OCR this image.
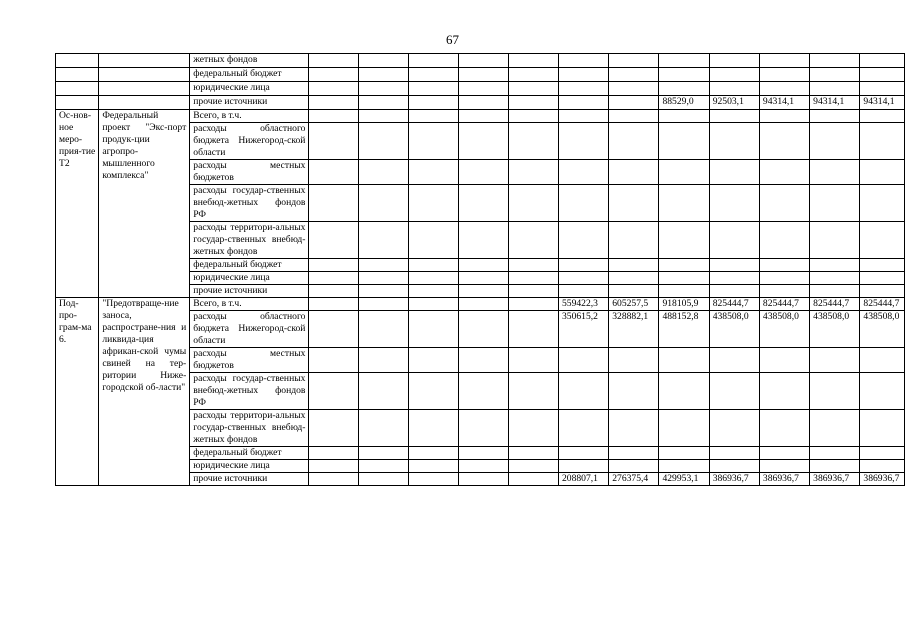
67
		жетных фондов												
		федеральный бюджет												
		юридические лица												
		прочие источники								88529,0	92503,1	94314,1	94314,1	94314,1
Ос-нов-ное меро-прия-тие Т2	Федеральный проект "Экс-порт продук-ции агропро-мышленного комплекса"	Всего, в т.ч.												
		расходы областного бюджета Нижегород-ской области												
		расходы местных бюджетов												
		расходы государ-ственных внебюд-жетных фондов РФ												
		расходы территори-альных государ-ственных внебюд-жетных фондов												
		федеральный бюджет												
		юридические лица												
		прочие источники												
Под-про-грам-ма 6.	"Предотвраще-ние заноса, распростране-ния и ликвида-ция африкан-ской чумы свиней на тер-ритории Ниже-городской об-ласти"	Всего, в т.ч.						559422,3	605257,5	918105,9	825444,7	825444,7	825444,7	825444,7
		расходы областного бюджета Нижегород-ской области						350615,2	328882,1	488152,8	438508,0	438508,0	438508,0	438508,0
		расходы местных бюджетов												
		расходы государ-ственных внебюд-жетных фондов РФ												
		расходы территори-альных государ-ственных внебюд-жетных фондов												
		федеральный бюджет												
		юридические лица												
		прочие источники						208807,1	276375,4	429953,1	386936,7	386936,7	386936,7	386936,7
